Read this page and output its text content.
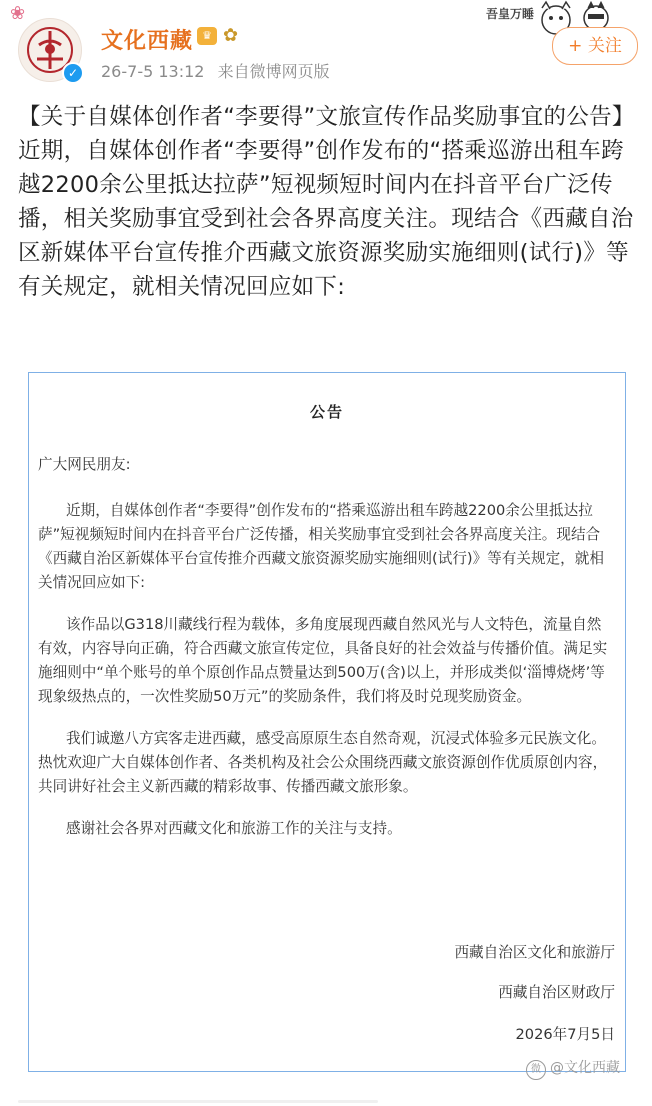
❀
✓
文化西藏 ♛ ✿
26-7-5 13:12 来自微博网页版
吾皇万睡
+ 关注

【关于自媒体创作者“李要得”文旅宣传作品奖励事宜的公告】

近期，自媒体创作者“李要得”创作发布的“搭乘巡游出租车跨越2200余公里抵达拉萨”短视频短时间内在抖音平台广泛传播，相关奖励事宜受到社会各界高度关注。现结合《西藏自治区新媒体平台宣传推介西藏文旅资源奖励实施细则(试行)》等有关规定，就相关情况回应如下:

公告

广大网民朋友:

近期，自媒体创作者“李要得”创作发布的“搭乘巡游出租车跨越2200余公里抵达拉萨”短视频短时间内在抖音平台广泛传播，相关奖励事宜受到社会各界高度关注。现结合《西藏自治区新媒体平台宣传推介西藏文旅资源奖励实施细则(试行)》等有关规定，就相关情况回应如下:

该作品以G318川藏线行程为载体，多角度展现西藏自然风光与人文特色，流量自然有效，内容导向正确，符合西藏文旅宣传定位，具备良好的社会效益与传播价值。满足实施细则中“单个账号的单个原创作品点赞量达到500万(含)以上，并形成类似‘淄博烧烤’等现象级热点的，一次性奖励50万元”的奖励条件，我们将及时兑现奖励资金。

我们诚邀八方宾客走进西藏，感受高原原生态自然奇观，沉浸式体验多元民族文化。热忱欢迎广大自媒体创作者、各类机构及社会公众围绕西藏文旅资源创作优质原创内容，共同讲好社会主义新西藏的精彩故事、传播西藏文旅形象。

感谢社会各界对西藏文化和旅游工作的关注与支持。

西藏自治区文化和旅游厅
西藏自治区财政厅
2026年7月5日
微 @文化西藏
